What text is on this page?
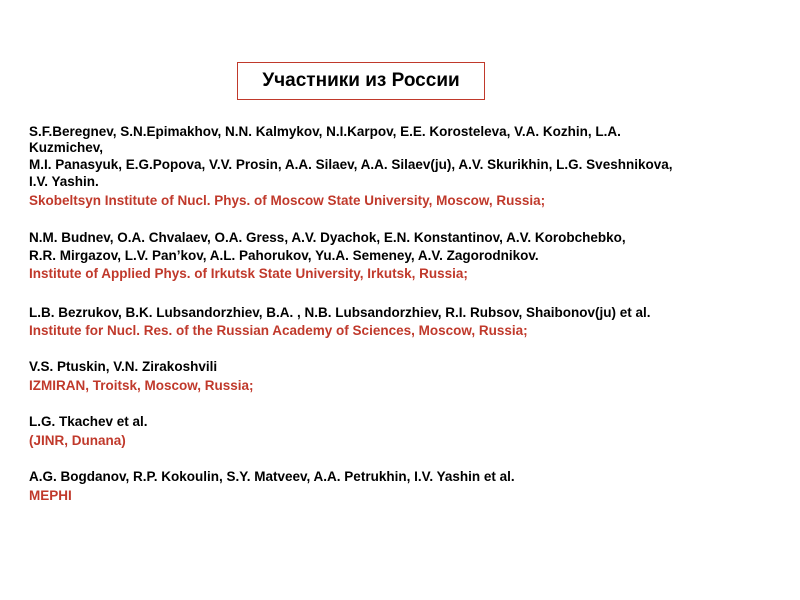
Участники из России
S.F.Beregnev, S.N.Epimakhov, N.N. Kalmykov, N.I.Karpov, E.E. Korosteleva, V.A. Kozhin, L.A.
Kuzmichev,
M.I. Panasyuk, E.G.Popova, V.V. Prosin, A.A. Silaev, A.A. Silaev(ju), A.V. Skurikhin, L.G. Sveshnikova,
I.V. Yashin.
Skobeltsyn Institute of Nucl. Phys. of Moscow State University, Moscow, Russia;
N.M. Budnev, O.A. Chvalaev, O.A. Gress, A.V. Dyachok, E.N. Konstantinov, A.V. Korobchebko,
R.R. Mirgazov, L.V. Pan’kov, A.L. Pahorukov, Yu.A. Semeney, A.V. Zagorodnikov.
Institute of Applied Phys. of Irkutsk State University, Irkutsk, Russia;
L.B. Bezrukov, B.K. Lubsandorzhiev, B.A. , N.B. Lubsandorzhiev, R.I. Rubsov, Shaibonov(ju) et al.
Institute for Nucl. Res. of the Russian Academy of Sciences, Moscow, Russia;
V.S. Ptuskin, V.N. Zirakoshvili
IZMIRAN, Troitsk, Moscow, Russia;
L.G. Tkachev et al.
(JINR, Dunana)
A.G. Bogdanov, R.P. Kokoulin, S.Y. Matveev, A.A. Petrukhin, I.V. Yashin et al.
MEPHI
